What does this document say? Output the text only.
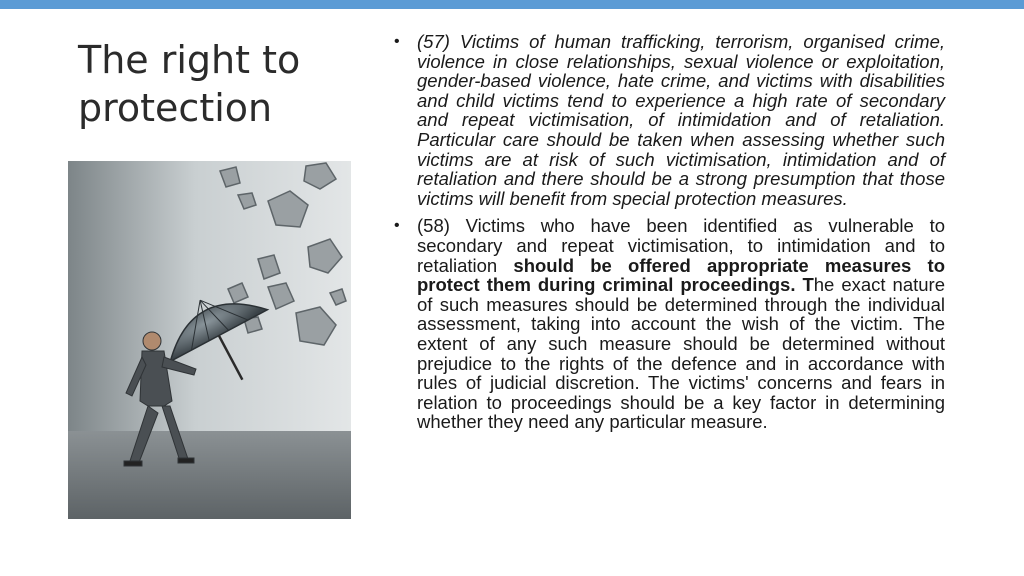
The right to protection
• (57) Victims of human trafficking, terrorism, organised crime, violence in close relationships, sexual violence or exploitation, gender-based violence, hate crime, and victims with disabilities and child victims tend to experience a high rate of secondary and repeat victimisation, of intimidation and of retaliation. Particular care should be taken when assessing whether such victims are at risk of such victimisation, intimidation and of retaliation and there should be a strong presumption that those victims will benefit from special protection measures.
• (58) Victims who have been identified as vulnerable to secondary and repeat victimisation, to intimidation and to retaliation should be offered appropriate measures to protect them during criminal proceedings. The exact nature of such measures should be determined through the individual assessment, taking into account the wish of the victim. The extent of any such measure should be determined without prejudice to the rights of the defence and in accordance with rules of judicial discretion. The victims' concerns and fears in relation to proceedings should be a key factor in determining whether they need any particular measure.
